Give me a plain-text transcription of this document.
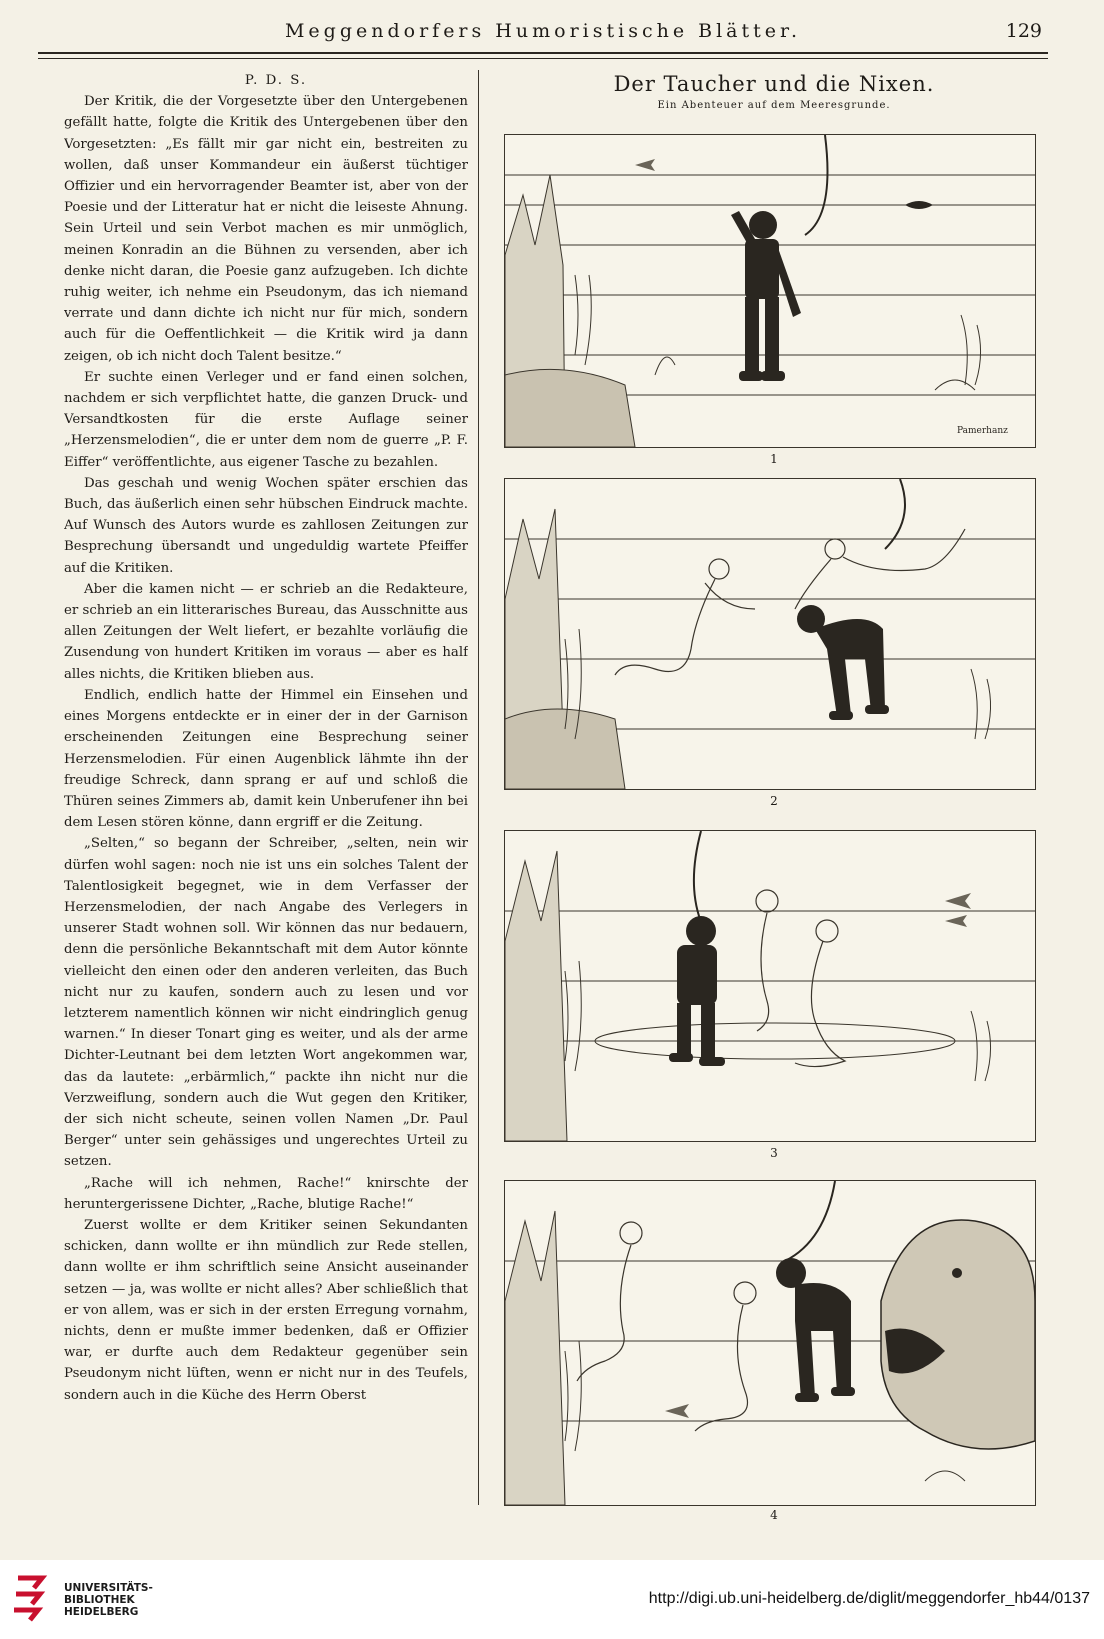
Meggendorfers Humoristische Blätter.	129

P. D. S.

Der Kritik, die der Vorgesetzte über den Untergebenen gefällt hatte, folgte die Kritik des Untergebenen über den Vorgesetzten: „Es fällt mir gar nicht ein, bestreiten zu wollen, daß unser Kommandeur ein äußerst tüchtiger Offizier und ein hervorragender Beamter ist, aber von der Poesie und der Litteratur hat er nicht die leiseste Ahnung. Sein Urteil und sein Verbot machen es mir unmöglich, meinen Konradin an die Bühnen zu versenden, aber ich denke nicht daran, die Poesie ganz aufzugeben. Ich dichte ruhig weiter, ich nehme ein Pseudonym, das ich niemand verrate und dann dichte ich nicht nur für mich, sondern auch für die Oeffentlichkeit — die Kritik wird ja dann zeigen, ob ich nicht doch Talent besitze.“

Er suchte einen Verleger und er fand einen solchen, nachdem er sich verpflichtet hatte, die ganzen Druck- und Versandtkosten für die erste Auflage seiner „Herzensmelodien“, die er unter dem nom de guerre „P. F. Eiffer“ veröffentlichte, aus eigener Tasche zu bezahlen.

Das geschah und wenig Wochen später erschien das Buch, das äußerlich einen sehr hübschen Eindruck machte. Auf Wunsch des Autors wurde es zahllosen Zeitungen zur Besprechung übersandt und ungeduldig wartete Pfeiffer auf die Kritiken.

Aber die kamen nicht — er schrieb an die Redakteure, er schrieb an ein litterarisches Bureau, das Ausschnitte aus allen Zeitungen der Welt liefert, er bezahlte vorläufig die Zusendung von hundert Kritiken im voraus — aber es half alles nichts, die Kritiken blieben aus.

Endlich, endlich hatte der Himmel ein Einsehen und eines Morgens entdeckte er in einer der in der Garnison erscheinenden Zeitungen eine Besprechung seiner Herzensmelodien. Für einen Augenblick lähmte ihn der freudige Schreck, dann sprang er auf und schloß die Thüren seines Zimmers ab, damit kein Unberufener ihn bei dem Lesen stören könne, dann ergriff er die Zeitung.

„Selten,“ so begann der Schreiber, „selten, nein wir dürfen wohl sagen: noch nie ist uns ein solches Talent der Talentlosigkeit begegnet, wie in dem Verfasser der Herzensmelodien, der nach Angabe des Verlegers in unserer Stadt wohnen soll. Wir können das nur bedauern, denn die persönliche Bekanntschaft mit dem Autor könnte vielleicht den einen oder den anderen verleiten, das Buch nicht nur zu kaufen, sondern auch zu lesen und vor letzterem namentlich können wir nicht eindringlich genug warnen.“ In dieser Tonart ging es weiter, und als der arme Dichter-Leutnant bei dem letzten Wort angekommen war, das da lautete: „erbärmlich,“ packte ihn nicht nur die Verzweiflung, sondern auch die Wut gegen den Kritiker, der sich nicht scheute, seinen vollen Namen „Dr. Paul Berger“ unter sein gehässiges und ungerechtes Urteil zu setzen.

„Rache will ich nehmen, Rache!“ knirschte der heruntergerissene Dichter, „Rache, blutige Rache!“

Zuerst wollte er dem Kritiker seinen Sekundanten schicken, dann wollte er ihn mündlich zur Rede stellen, dann wollte er ihm schriftlich seine Ansicht auseinander setzen — ja, was wollte er nicht alles? Aber schließlich that er von allem, was er sich in der ersten Erregung vornahm, nichts, denn er mußte immer bedenken, daß er Offizier war, er durfte auch dem Redakteur gegenüber sein Pseudonym nicht lüften, wenn er nicht nur in des Teufels, sondern auch in die Küche des Herrn Oberst

Der Taucher und die Nixen.
Ein Abenteuer auf dem Meeresgrunde.
Pamerhanz
1
2
3
4
UNIVERSITÄTS-
BIBLIOTHEK
HEIDELBERG
http://digi.ub.uni-heidelberg.de/diglit/meggendorfer_hb44/0137
